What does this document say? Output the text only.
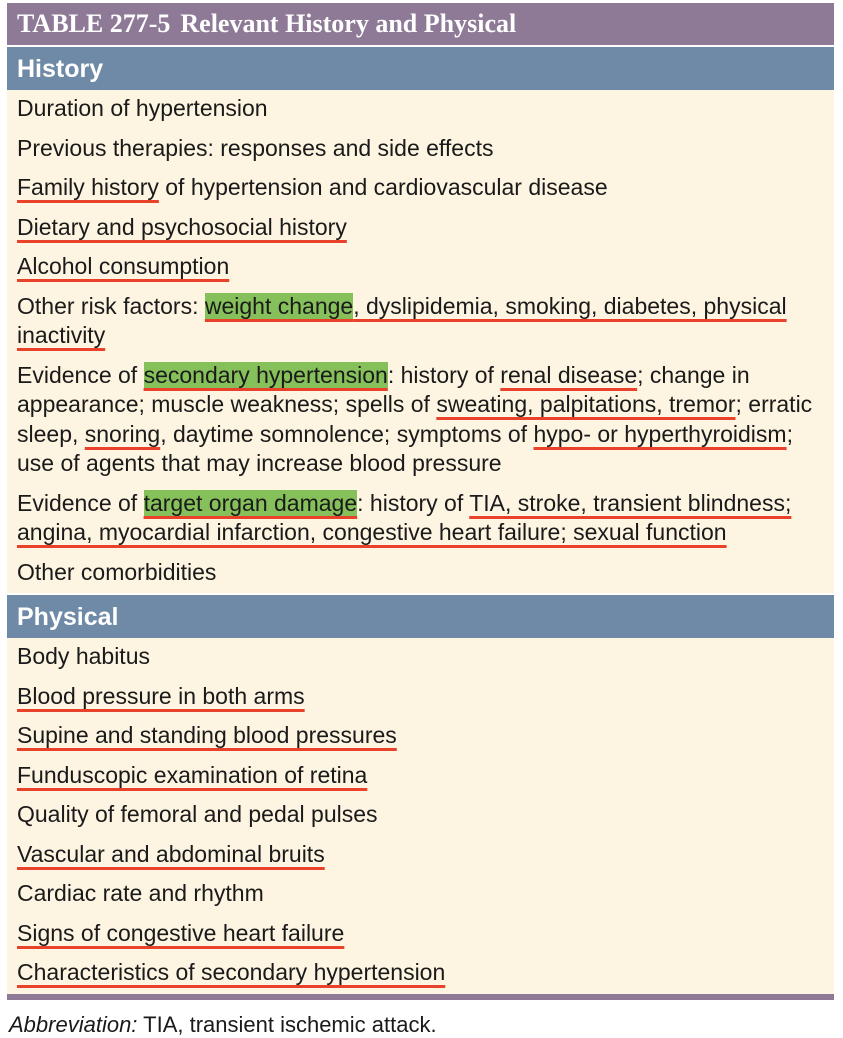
TABLE 277-5 Relevant History and Physical
History
Duration of hypertension
Previous therapies: responses and side effects
Family history of hypertension and cardiovascular disease
Dietary and psychosocial history
Alcohol consumption
Other risk factors: weight change, dyslipidemia, smoking, diabetes, physical inactivity
Evidence of secondary hypertension: history of renal disease; change in appearance; muscle weakness; spells of sweating, palpitations, tremor; erratic sleep, snoring, daytime somnolence; symptoms of hypo- or hyperthyroidism; use of agents that may increase blood pressure
Evidence of target organ damage: history of TIA, stroke, transient blindness; angina, myocardial infarction, congestive heart failure; sexual function
Other comorbidities
Physical
Body habitus
Blood pressure in both arms
Supine and standing blood pressures
Funduscopic examination of retina
Quality of femoral and pedal pulses
Vascular and abdominal bruits
Cardiac rate and rhythm
Signs of congestive heart failure
Characteristics of secondary hypertension
Abbreviation: TIA, transient ischemic attack.
